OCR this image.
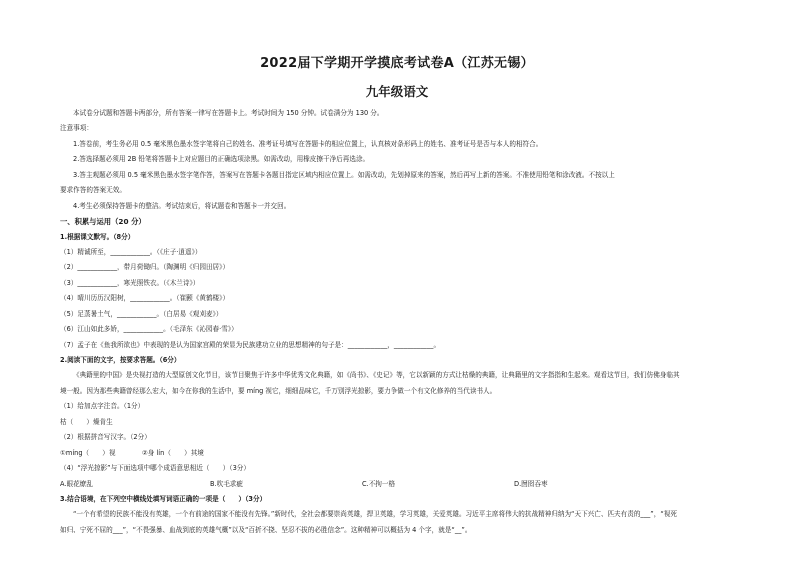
2022届下学期开学摸底考试卷A（江苏无锡）
九年级语文
本试卷分试题和答题卡两部分，所有答案一律写在答题卡上。考试时间为 150 分钟。试卷满分为 130 分。
注意事项：
1.答卷前，考生务必用 0.5 毫米黑色墨水签字笔将自己的姓名、准考证号填写在答题卡的相应位置上，认真核对条形码上的姓名、准考证号是否与本人的相符合。
2.答选择题必须用 2B 铅笔将答题卡上对应题目的正确选项涂黑。如需改动，用橡皮擦干净后再选涂。
3.答主观题必须用 0.5 毫米黑色墨水签字笔作答，答案写在答题卡各题目指定区域内相应位置上。如需改动，先划掉原来的答案，然后再写上新的答案。不准使用铅笔和涂改液。不按以上
要求作答的答案无效。
4.考生必须保持答题卡的整洁。考试结束后，将试题卷和答题卡一并交回。
一、积累与运用（20 分）
1.根据课文默写。（8分）
（1）精诚所至，____________。（《庄子·逍遥》）
（2）____________，带月荷锄归。（陶渊明《归园田居》）
（3）____________，寒光照铁衣。（《木兰诗》）
（4）晴川历历汉阳树，____________。（崔颢《黄鹤楼》）
（5）足蒸暑土气，____________。（白居易《观刈麦》）
（6）江山如此多娇，____________。（毛泽东《沁园春·雪》）
（7）孟子在《鱼我所欲也》中表现的是认为国家宫殿的荣显为民族建功立业的思想精神的句子是：____________，____________。
2.阅读下面的文字，按要求答题。（6分）
《典籍里的中国》是央视打造的大型原创文化节目，该节目聚焦于许多中华优秀文化典籍，如《尚书》、《史记》等，它以新颖的方式让枯燥的典籍，让典籍里的文字指指和生起来。观看这节目，我们仿佛身临其
境一般。因为那些典籍曾经那么宏大，如今在你我的生活中，要 míng 视它，细细品味它，千万别浮光掠影，要力争做一个有文化修养的当代读书人。
（1）给加点字注音。（1分）
枯（　　）燥肯生
（2）根据拼音写汉字。（2分）
①míng（　　）视　　　　②身 lín（　　）其境
（4）“浮光掠影”与下面选项中哪个成语意思相近（　　）（3分）
A.眼花缭乱	B.吹毛求疵	C.不拘一格	D.囫囵吞枣
3.结合语境，在下列空中横线处填写词语正确的一项是（　　）（3分）
“一个有希望的民族不能没有英雄，一个有前途的国家不能没有先锋。”新时代，全社会都要崇尚英雄，捍卫英雄，学习英雄，关爱英雄。习近平主席将伟大的抗战精神归纳为“天下兴亡、匹夫有责的___”，“视死
如归、宁死不屈的___”，“不畏强暴、血战到底的英雄气概”以及“百折不挠、坚忍不拔的必胜信念”。这种精神可以概括为 4 个字，就是“__”。
